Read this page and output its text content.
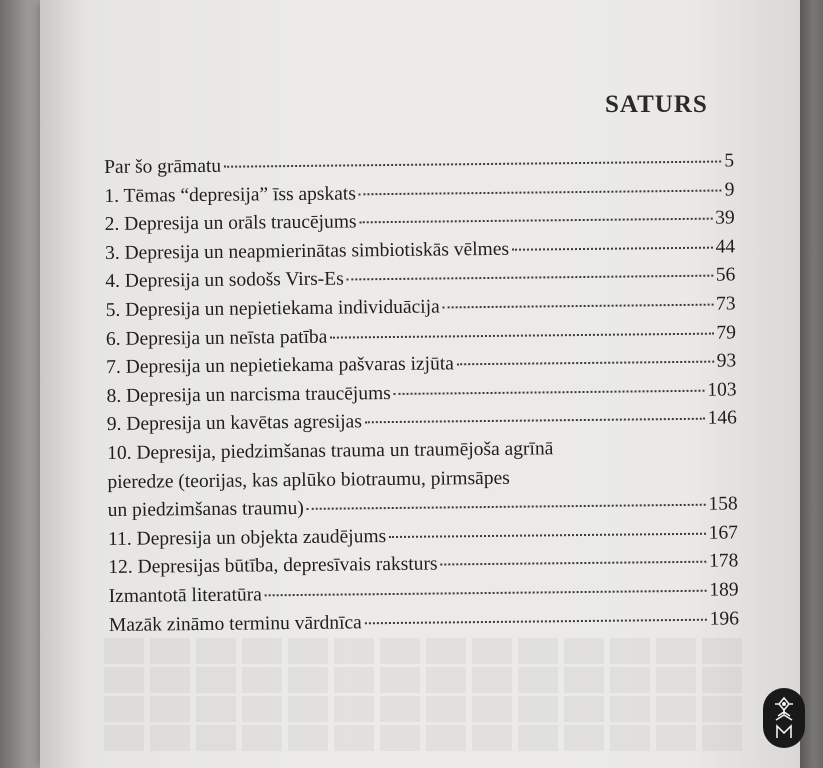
SATURS
Par šo grāmatu	5
1. Tēmas “depresija” īss apskats	9
2. Depresija un orāls traucējums	39
3. Depresija un neapmierinātas simbiotiskās vēlmes	44
4. Depresija un sodošs Virs-Es	56
5. Depresija un nepietiekama individuācija	73
6. Depresija un neīsta patība	79
7. Depresija un nepietiekama pašvaras izjūta	93
8. Depresija un narcisma traucējums	103
9. Depresija un kavētas agresijas	146
10. Depresija, piedzimšanas trauma un traumējoša agrīnā
pieredze (teorijas, kas aplūko biotraumu, pirmsāpes
un piedzimšanas traumu)	158
11. Depresija un objekta zaudējums	167
12. Depresijas būtība, depresīvais raksturs	178
Izmantotā literatūra	189
Mazāk zināmo terminu vārdnīca	196
